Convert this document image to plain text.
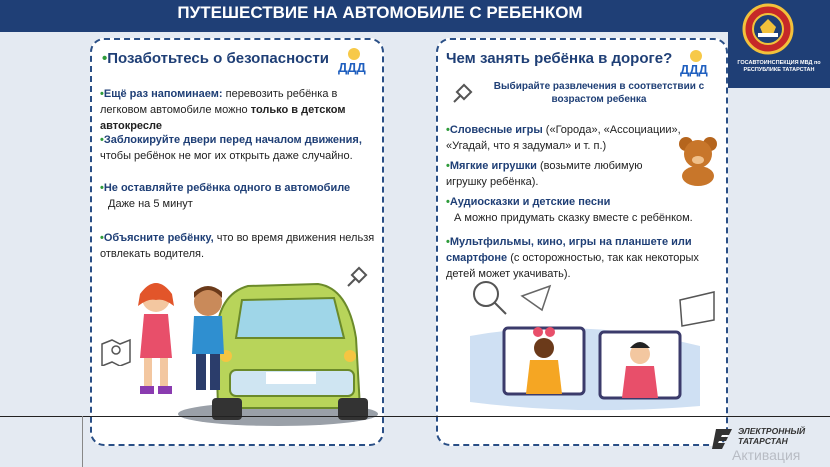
ПУТЕШЕСТВИЕ НА АВТОМОБИЛЕ С РЕБЕНКОМ
ГОСАВТОИНСПЕКЦИЯ МВД по РЕСПУБЛИКЕ ТАТАРСТАН
•Позаботьтесь о безопасности
ДДД
•Ещё раз напоминаем: перевозить ребёнка в легковом автомобиле можно только в детском автокресле
•Заблокируйте двери перед началом движения, чтобы ребёнок не мог их открыть даже случайно.
•Не оставляйте ребёнка одного в автомобиле
Даже на 5 минут
•Объясните ребёнку, что во время движения нельзя отвлекать водителя.
Чем занять ребёнка в дороге?
ДДД
Выбирайте развлечения в соответствии с возрастом ребенка
•Словесные игры («Города», «Ассоциации», «Угадай, что я задумал» и т. п.)
•Мягкие игрушки (возьмите любимую игрушку ребёнка).
•Аудиосказки и детские песни
А можно придумать сказку вместе с ребёнком.
•Мультфильмы, кино, игры на планшете или смартфоне (с осторожностью, так как некоторых детей может укачивать).
ЭЛЕКТРОННЫЙ
ТАТАРСТАН
Активация
